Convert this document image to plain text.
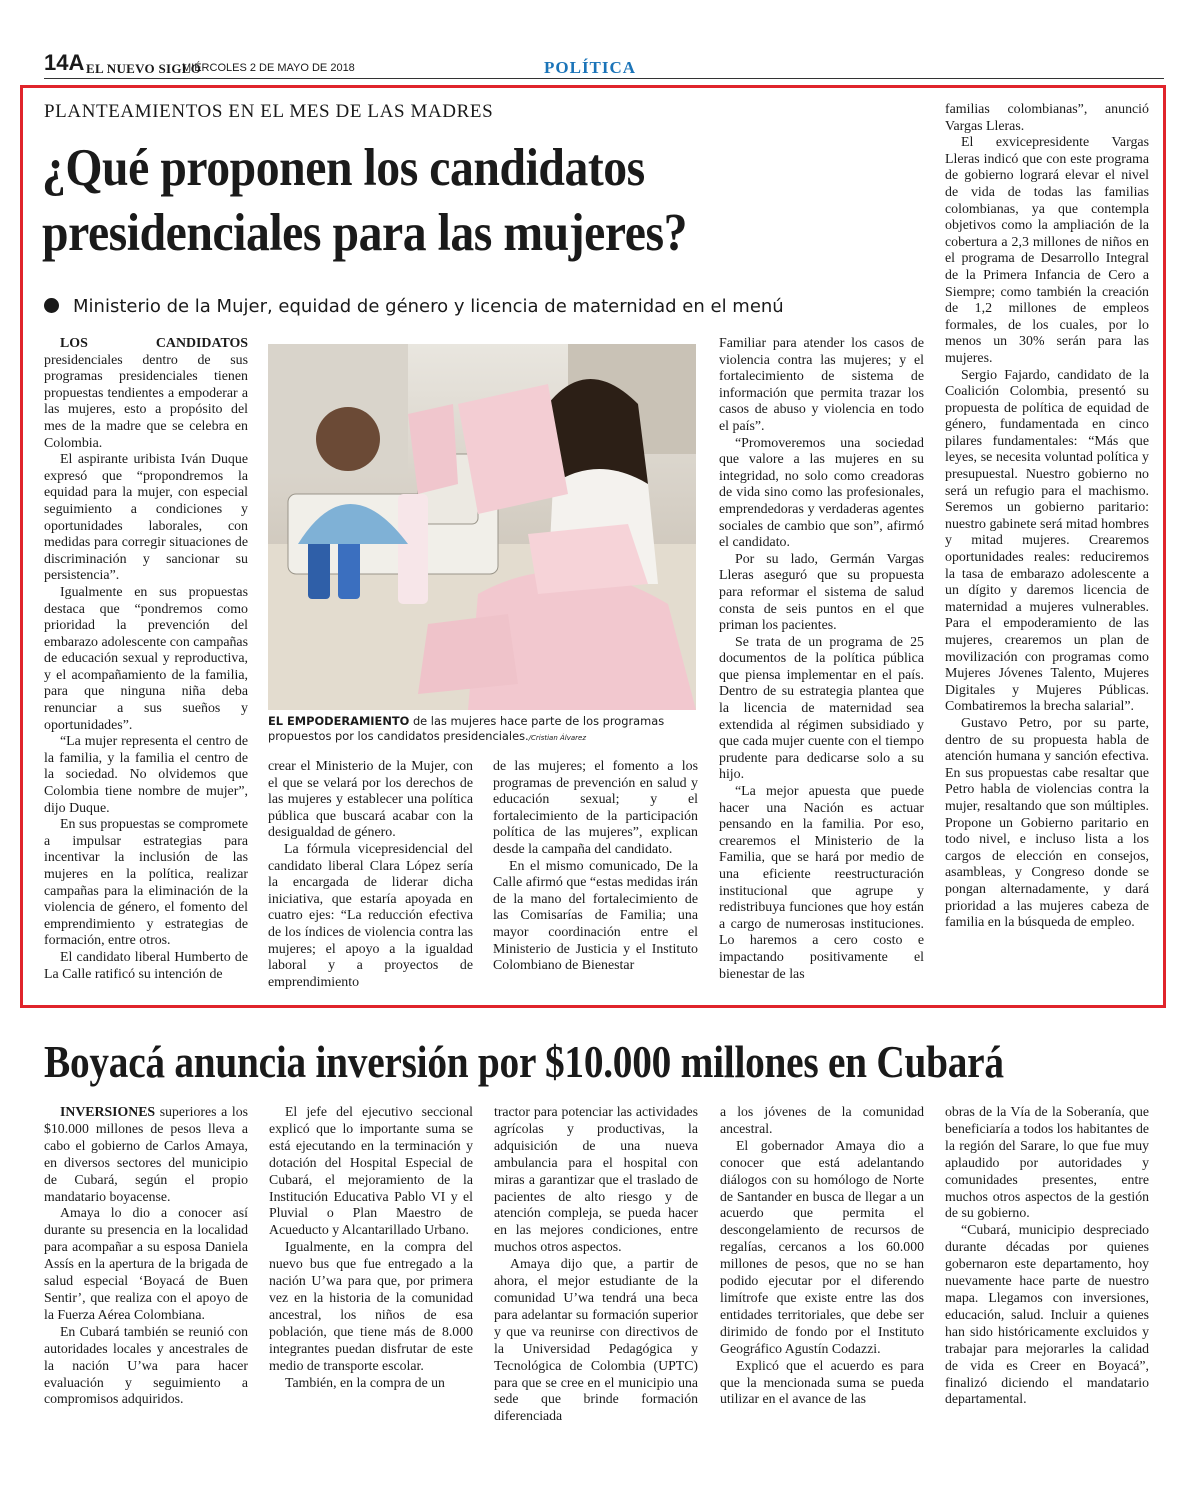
14A EL NUEVO SIGLO
MIÉRCOLES 2 DE MAYO DE 2018	POLÍTICA
PLANTEAMIENTOS EN EL MES DE LAS MADRES
¿Qué proponen los candidatos
presidenciales para las mujeres?
Ministerio de la Mujer, equidad de género y licencia de maternidad en el menú

LOS CANDIDATOS presidenciales dentro de sus programas presidenciales tienen propuestas tendientes a empoderar a las mujeres, esto a propósito del mes de la madre que se celebra en Colombia.

El aspirante uribista Iván Duque expresó que “propondremos la equidad para la mujer, con especial seguimiento a condiciones y oportunidades laborales, con medidas para corregir situaciones de discriminación y sancionar su persistencia”.

Igualmente en sus propuestas destaca que “pondremos como prioridad la prevención del embarazo adolescente con campañas de educación sexual y reproductiva, y el acompañamiento de la familia, para que ninguna niña deba renunciar a sus sueños y oportunidades”.

“La mujer representa el centro de la familia, y la familia el centro de la sociedad. No olvidemos que Colombia tiene nombre de mujer”, dijo Duque.

En sus propuestas se compromete a impulsar estrategias para incentivar la inclusión de las mujeres en la política, realizar campañas para la eliminación de la violencia de género, el fomento del emprendimiento y estrategias de formación, entre otros.

El candidato liberal Humberto de La Calle ratificó su intención de

EL EMPODERAMIENTO de las mujeres hace parte de los programas propuestos por los candidatos presidenciales./Cristian Álvarez

crear el Ministerio de la Mujer, con el que se velará por los derechos de las mujeres y establecer una política pública que buscará acabar con la desigualdad de género.

La fórmula vicepresidencial del candidato liberal Clara López sería la encargada de liderar dicha iniciativa, que estaría apoyada en cuatro ejes: “La reducción efectiva de los índices de violencia contra las mujeres; el apoyo a la igualdad laboral y a proyectos de emprendimiento

de las mujeres; el fomento a los programas de prevención en salud y educación sexual; y el fortalecimiento de la participación política de las mujeres”, explican desde la campaña del candidato.

En el mismo comunicado, De la Calle afirmó que “estas medidas irán de la mano del fortalecimiento de las Comisarías de Familia; una mayor coordinación entre el Ministerio de Justicia y el Instituto Colombiano de Bienestar

Familiar para atender los casos de violencia contra las mujeres; y el fortalecimiento de sistema de información que permita trazar los casos de abuso y violencia en todo el país”.

“Promoveremos una sociedad que valore a las mujeres en su integridad, no solo como creadoras de vida sino como las profesionales, emprendedoras y verdaderas agentes sociales de cambio que son”, afirmó el candidato.

Por su lado, Germán Vargas Lleras aseguró que su propuesta para reformar el sistema de salud consta de seis puntos en el que priman los pacientes.

Se trata de un programa de 25 documentos de la política pública que piensa implementar en el país. Dentro de su estrategia plantea que la licencia de maternidad sea extendida al régimen subsidiado y que cada mujer cuente con el tiempo prudente para dedicarse solo a su hijo.

“La mejor apuesta que puede hacer una Nación es actuar pensando en la familia. Por eso, crearemos el Ministerio de la Familia, que se hará por medio de una eficiente reestructuración institucional que agrupe y redistribuya funciones que hoy están a cargo de numerosas instituciones. Lo haremos a cero costo e impactando positivamente el bienestar de las

familias colombianas”, anunció Vargas Lleras.

El exvicepresidente Vargas Lleras indicó que con este programa de gobierno logrará elevar el nivel de vida de todas las familias colombianas, ya que contempla objetivos como la ampliación de la cobertura a 2,3 millones de niños en el programa de Desarrollo Integral de la Primera Infancia de Cero a Siempre; como también la creación de 1,2 millones de empleos formales, de los cuales, por lo menos un 30% serán para las mujeres.

Sergio Fajardo, candidato de la Coalición Colombia, presentó su propuesta de política de equidad de género, fundamentada en cinco pilares fundamentales: “Más que leyes, se necesita voluntad política y presupuestal. Nuestro gobierno no será un refugio para el machismo. Seremos un gobierno paritario: nuestro gabinete será mitad hombres y mitad mujeres. Crearemos oportunidades reales: reduciremos la tasa de embarazo adolescente a un dígito y daremos licencia de maternidad a mujeres vulnerables. Para el empoderamiento de las mujeres, crearemos un plan de movilización con programas como Mujeres Jóvenes Talento, Mujeres Digitales y Mujeres Públicas. Combatiremos la brecha salarial”.

Gustavo Petro, por su parte, dentro de su propuesta habla de atención humana y sanción efectiva. En sus propuestas cabe resaltar que Petro habla de violencias contra la mujer, resaltando que son múltiples. Propone un Gobierno paritario en todo nivel, e incluso lista a los cargos de elección en consejos, asambleas, y Congreso donde se pongan alternadamente, y dará prioridad a las mujeres cabeza de familia en la búsqueda de empleo.

Boyacá anuncia inversión por $10.000 millones en Cubará

INVERSIONES superiores a los $10.000 millones de pesos lleva a cabo el gobierno de Carlos Amaya, en diversos sectores del municipio de Cubará, según el propio mandatario boyacense.

Amaya lo dio a conocer así durante su presencia en la localidad para acompañar a su esposa Daniela Assís en la apertura de la brigada de salud especial ‘Boyacá de Buen Sentir’, que realiza con el apoyo de la Fuerza Aérea Colombiana.

En Cubará también se reunió con autoridades locales y ancestrales de la nación U’wa para hacer evaluación y seguimiento a compromisos adquiridos.

El jefe del ejecutivo seccional explicó que lo importante suma se está ejecutando en la terminación y dotación del Hospital Especial de Cubará, el mejoramiento de la Institución Educativa Pablo VI y el Pluvial o Plan Maestro de Acueducto y Alcantarillado Urbano.

Igualmente, en la compra del nuevo bus que fue entregado a la nación U’wa para que, por primera vez en la historia de la comunidad ancestral, los niños de esa población, que tiene más de 8.000 integrantes puedan disfrutar de este medio de transporte escolar.

También, en la compra de un

tractor para potenciar las actividades agrícolas y productivas, la adquisición de una nueva ambulancia para el hospital con miras a garantizar que el traslado de pacientes de alto riesgo y de atención compleja, se pueda hacer en las mejores condiciones, entre muchos otros aspectos.

Amaya dijo que, a partir de ahora, el mejor estudiante de la comunidad U’wa tendrá una beca para adelantar su formación superior y que va reunirse con directivos de la Universidad Pedagógica y Tecnológica de Colombia (UPTC) para que se cree en el municipio una sede que brinde formación diferenciada

a los jóvenes de la comunidad ancestral.

El gobernador Amaya dio a conocer que está adelantando diálogos con su homólogo de Norte de Santander en busca de llegar a un acuerdo que permita el descongelamiento de recursos de regalías, cercanos a los 60.000 millones de pesos, que no se han podido ejecutar por el diferendo limítrofe que existe entre las dos entidades territoriales, que debe ser dirimido de fondo por el Instituto Geográfico Agustín Codazzi.

Explicó que el acuerdo es para que la mencionada suma se pueda utilizar en el avance de las

obras de la Vía de la Soberanía, que beneficiaría a todos los habitantes de la región del Sarare, lo que fue muy aplaudido por autoridades y comunidades presentes, entre muchos otros aspectos de la gestión de su gobierno.

“Cubará, municipio despreciado durante décadas por quienes gobernaron este departamento, hoy nuevamente hace parte de nuestro mapa. Llegamos con inversiones, educación, salud. Incluir a quienes han sido históricamente excluidos y trabajar para mejorarles la calidad de vida es Creer en Boyacá”, finalizó diciendo el mandatario departamental.
